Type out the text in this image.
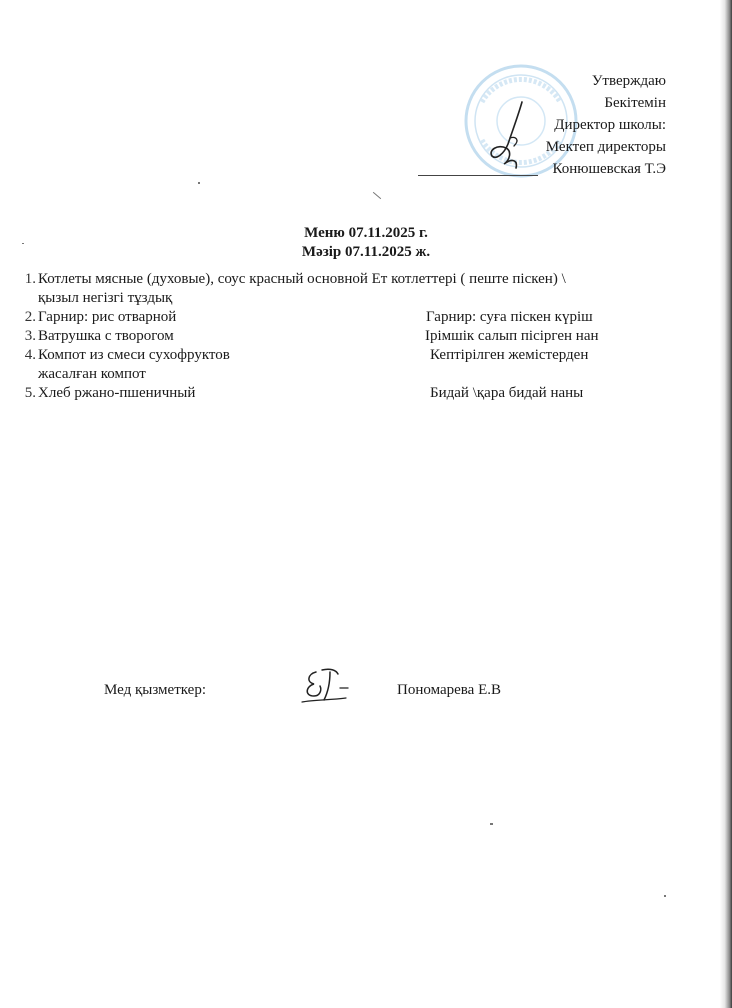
Утверждаю
Бекітемін
Директор школы:
Мектеп директоры
Конюшевская Т.Э
Меню 07.11.2025 г.
Мәзір 07.11.2025 ж.
1. Котлеты мясные (духовые), соус красный основной Ет котлеттері ( пеште піскен) \
қызыл негізгі тұздық
2. Гарнир: рис отварной	Гарнир: суға піскен күріш
3. Ватрушка с творогом	Ірімшік салып пісірген нан
4. Компот из смеси сухофруктов	Кептірілген жемістерден
жасалған компот
5. Хлеб ржано-пшеничный	Бидай \қара бидай наны
Мед қызметкер:	Пономарева Е.В
